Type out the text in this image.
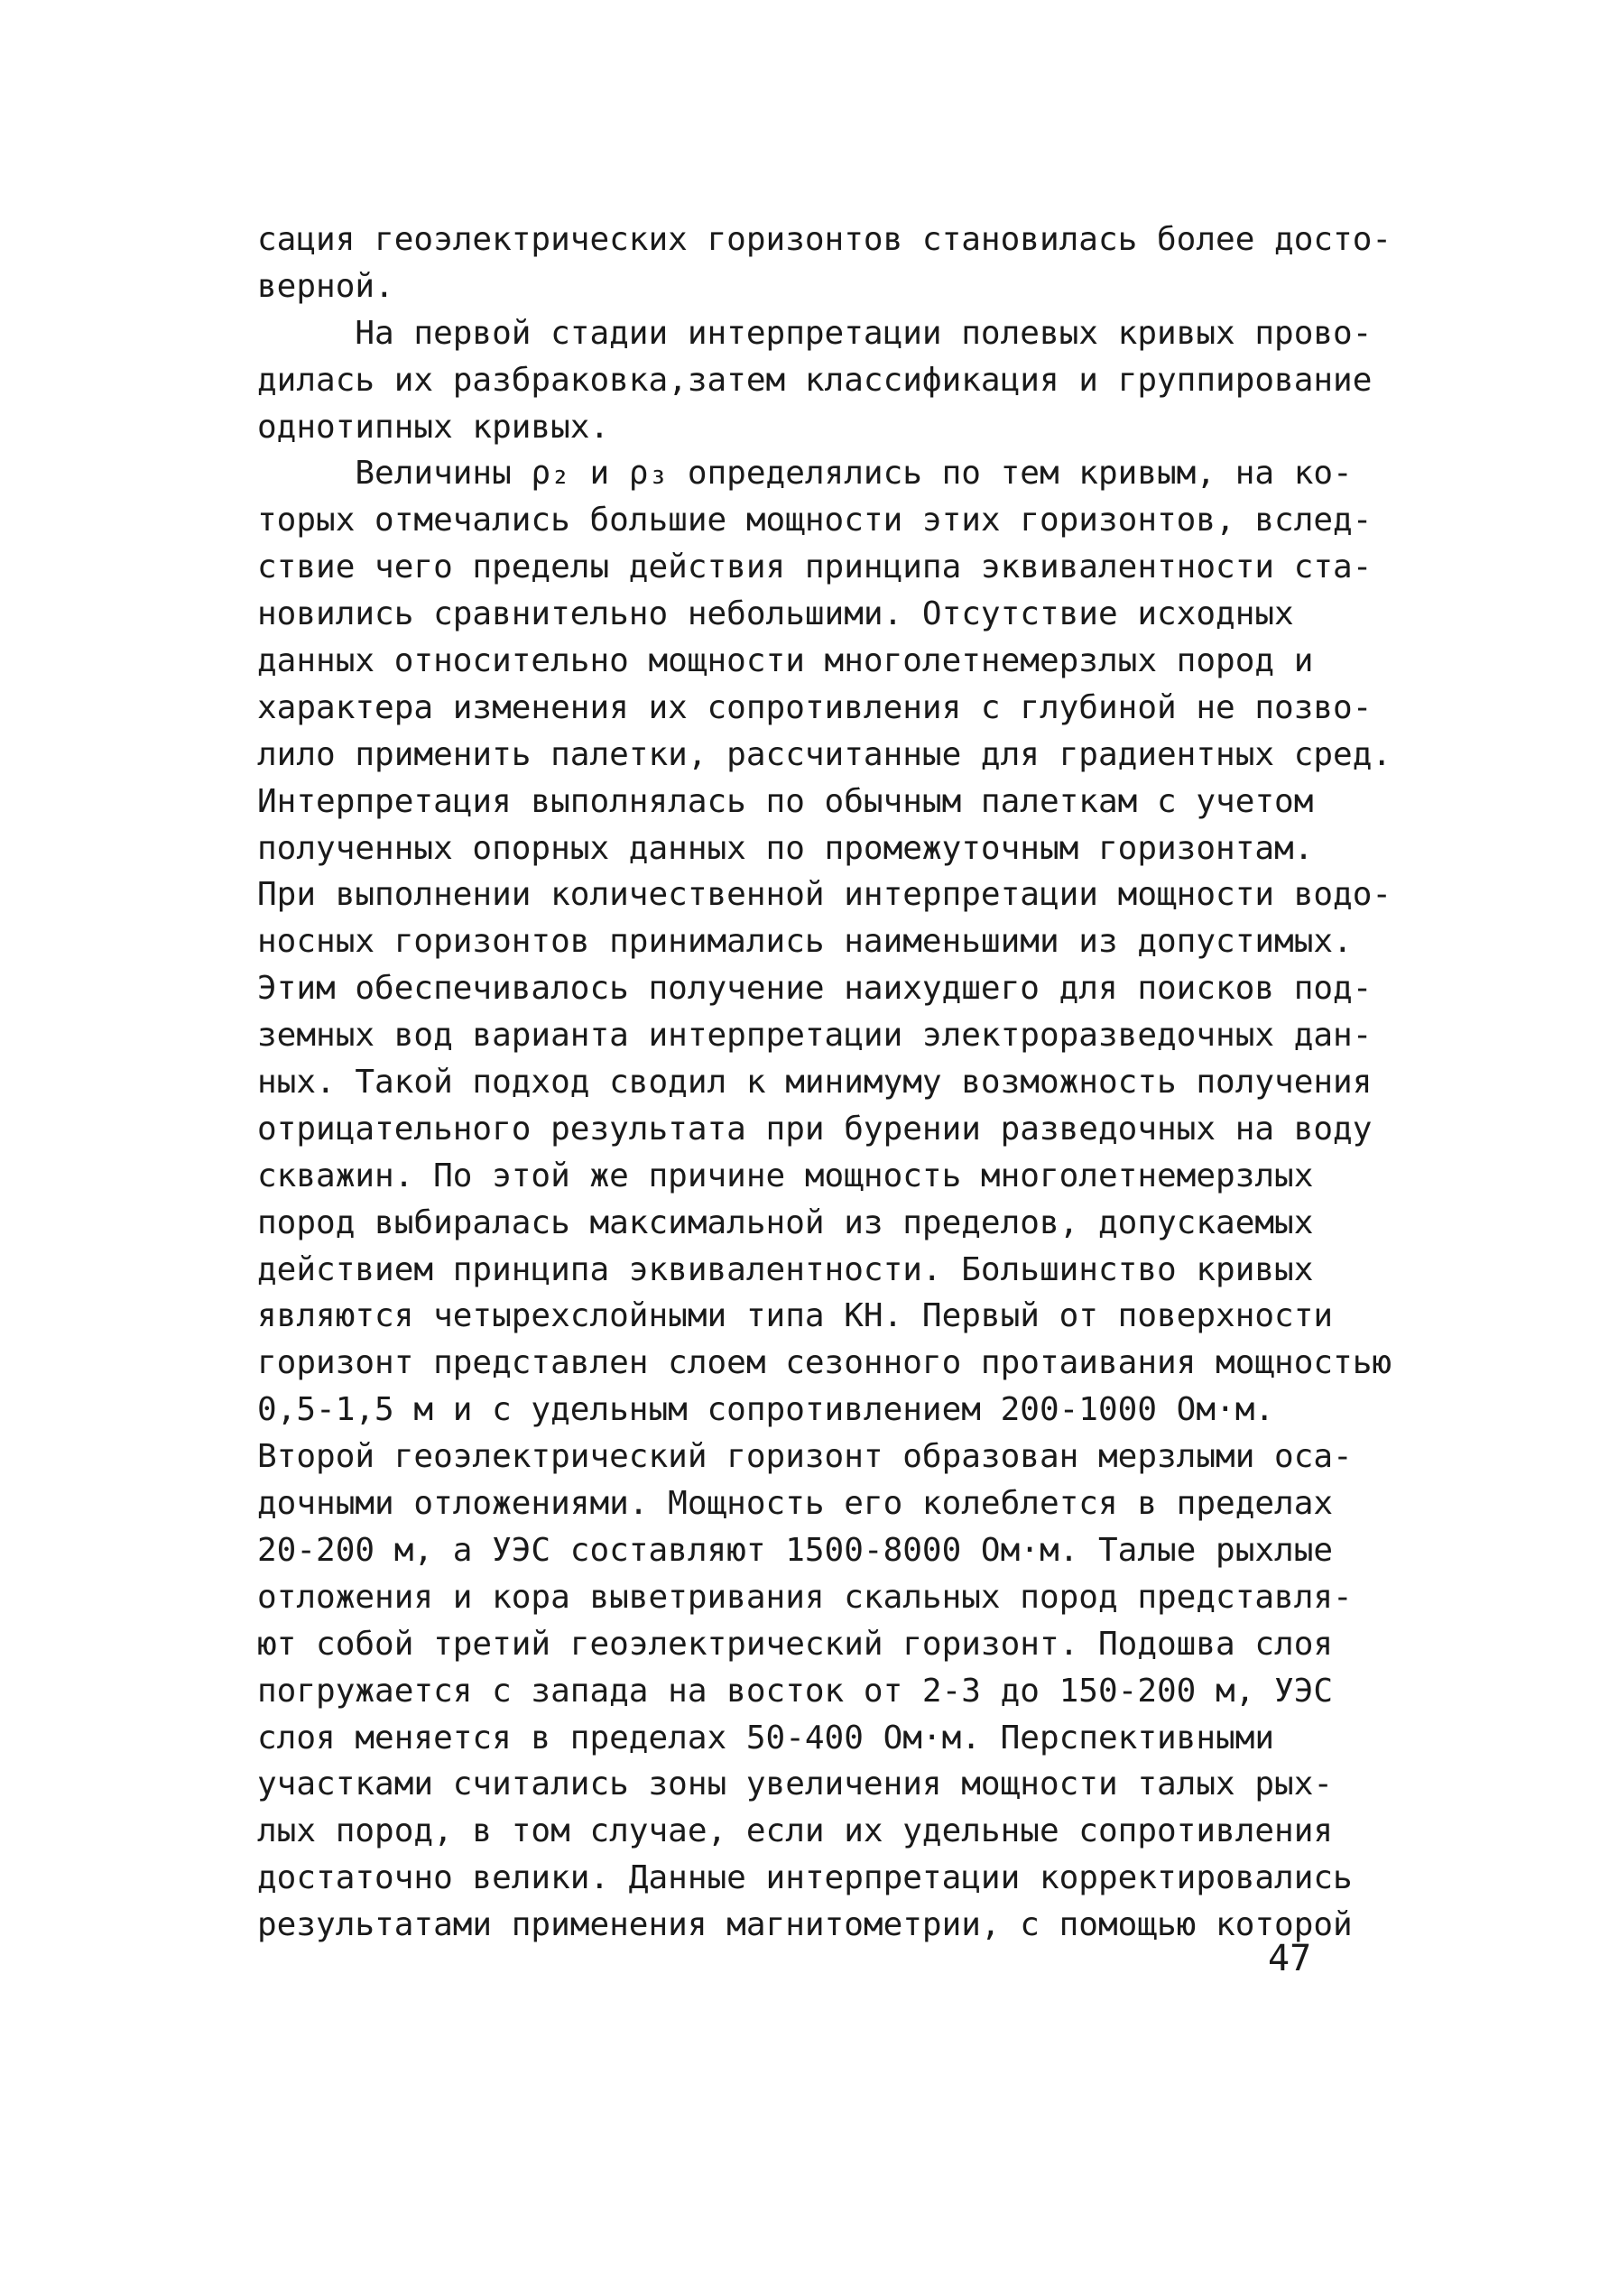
сация геоэлектрических горизонтов становилась более досто-
верной.
На первой стадии интерпретации полевых кривых прово-
дилась их разбраковка,затем классификация и группирование
однотипных кривых.
Величины ρ₂ и ρ₃ определялись по тем кривым, на ко-
торых отмечались большие мощности этих горизонтов, вслед-
ствие чего пределы действия принципа эквивалентности ста-
новились сравнительно небольшими. Отсутствие исходных
данных относительно мощности многолетнемерзлых пород и
характера изменения их сопротивления с глубиной не позво-
лило применить палетки, рассчитанные для градиентных сред.
Интерпретация выполнялась по обычным палеткам с учетом
полученных опорных данных по промежуточным горизонтам.
При выполнении количественной интерпретации мощности водо-
носных горизонтов принимались наименьшими из допустимых.
Этим обеспечивалось получение наихудшего для поисков под-
земных вод варианта интерпретации электроразведочных дан-
ных. Такой подход сводил к минимуму возможность получения
отрицательного результата при бурении разведочных на воду
скважин. По этой же причине мощность многолетнемерзлых
пород выбиралась максимальной из пределов, допускаемых
действием принципа эквивалентности. Большинство кривых
являются четырехслойными типа КН. Первый от поверхности
горизонт представлен слоем сезонного протаивания мощностью
0,5-1,5 м и с удельным сопротивлением 200-1000 Ом·м.
Второй геоэлектрический горизонт образован мерзлыми оса-
дочными отложениями. Мощность его колеблется в пределах
20-200 м, а УЭС составляют 1500-8000 Ом·м. Талые рыхлые
отложения и кора выветривания скальных пород представля-
ют собой третий геоэлектрический горизонт. Подошва слоя
погружается с запада на восток от 2-3 до 150-200 м, УЭС
слоя меняется в пределах 50-400 Ом·м. Перспективными
участками считались зоны увеличения мощности талых рых-
лых пород, в том случае, если их удельные сопротивления
достаточно велики. Данные интерпретации корректировались
результатами применения магнитометрии, с помощью которой
47
